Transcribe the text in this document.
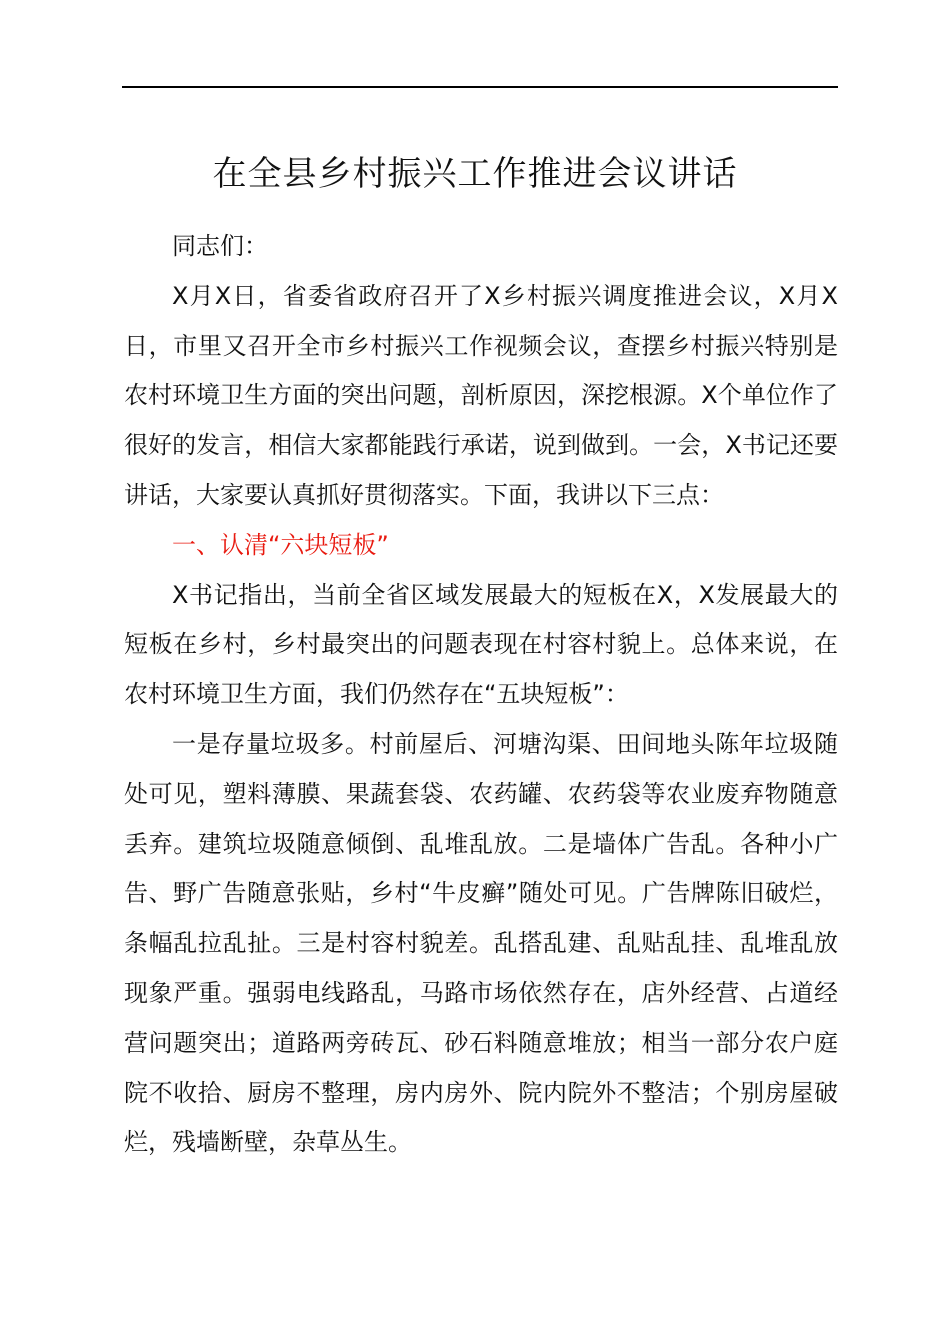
在全县乡村振兴工作推进会议讲话

同志们：

X月X日，省委省政府召开了X乡村振兴调度推进会议，X月X日，市里又召开全市乡村振兴工作视频会议，查摆乡村振兴特别是农村环境卫生方面的突出问题，剖析原因，深挖根源。X个单位作了很好的发言，相信大家都能践行承诺，说到做到。一会，X书记还要讲话，大家要认真抓好贯彻落实。下面，我讲以下三点：

一、认清“六块短板”

X书记指出，当前全省区域发展最大的短板在X，X发展最大的短板在乡村，乡村最突出的问题表现在村容村貌上。总体来说，在农村环境卫生方面，我们仍然存在“五块短板”：

一是存量垃圾多。村前屋后、河塘沟渠、田间地头陈年垃圾随处可见，塑料薄膜、果蔬套袋、农药罐、农药袋等农业废弃物随意丢弃。建筑垃圾随意倾倒、乱堆乱放。二是墙体广告乱。各种小广告、野广告随意张贴，乡村“牛皮癣”随处可见。广告牌陈旧破烂，条幅乱拉乱扯。三是村容村貌差。乱搭乱建、乱贴乱挂、乱堆乱放现象严重。强弱电线路乱，马路市场依然存在，店外经营、占道经营问题突出；道路两旁砖瓦、砂石料随意堆放；相当一部分农户庭院不收拾、厨房不整理，房内房外、院内院外不整洁；个别房屋破烂，残墙断壁，杂草丛生。
